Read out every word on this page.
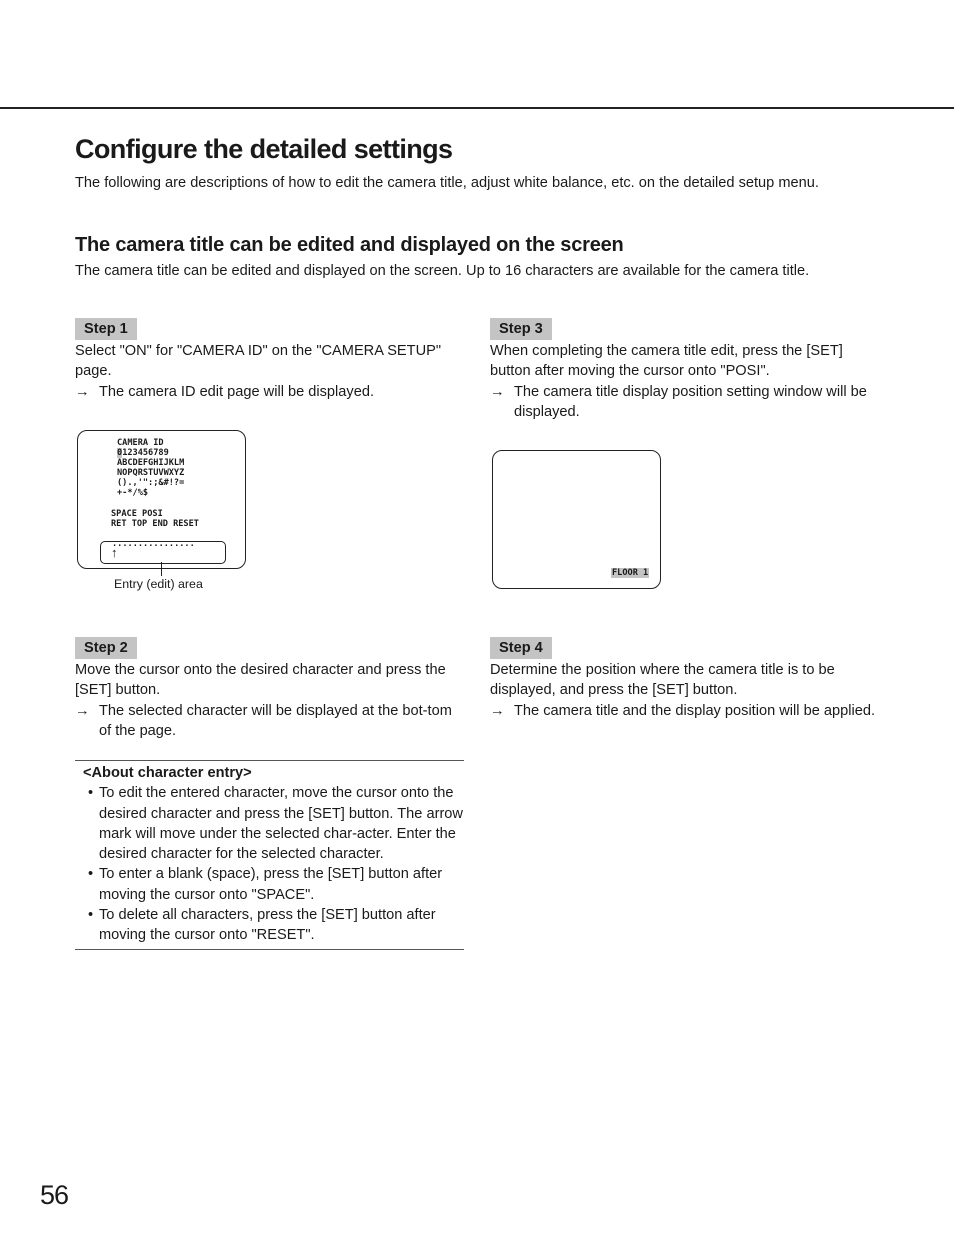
Configure the detailed settings

The following are descriptions of how to edit the camera title, adjust white balance, etc. on the detailed setup menu.

The camera title can be edited and displayed on the screen

The camera title can be edited and displayed on the screen. Up to 16 characters are available for the camera title.

Step 1

Select "ON" for "CAMERA ID" on the "CAMERA SETUP" page.

→ The camera ID edit page will be displayed.

CAMERA ID
0123456789
ABCDEFGHIJKLM
NOPQRSTUVWXYZ
().,'":;&#!?=
+-*/%$
SPACE POSI
RET TOP END RESET
................
↑
Entry (edit) area
Step 3

When completing the camera title edit, press the [SET] button after moving the cursor onto "POSI".

→ The camera title display position setting window will be displayed.

FLOOR 1
Step 2

Move the cursor onto the desired character and press the [SET] button.

→ The selected character will be displayed at the bot-tom of the page.

Step 4

Determine the position where the camera title is to be displayed, and press the [SET] button.

→ The camera title and the display position will be applied.

<About character entry>

• To edit the entered character, move the cursor onto the desired character and press the [SET] button. The arrow mark will move under the selected char-acter. Enter the desired character for the selected character.
• To enter a blank (space), press the [SET] button after moving the cursor onto "SPACE".
• To delete all characters, press the [SET] button after moving the cursor onto "RESET".

56
